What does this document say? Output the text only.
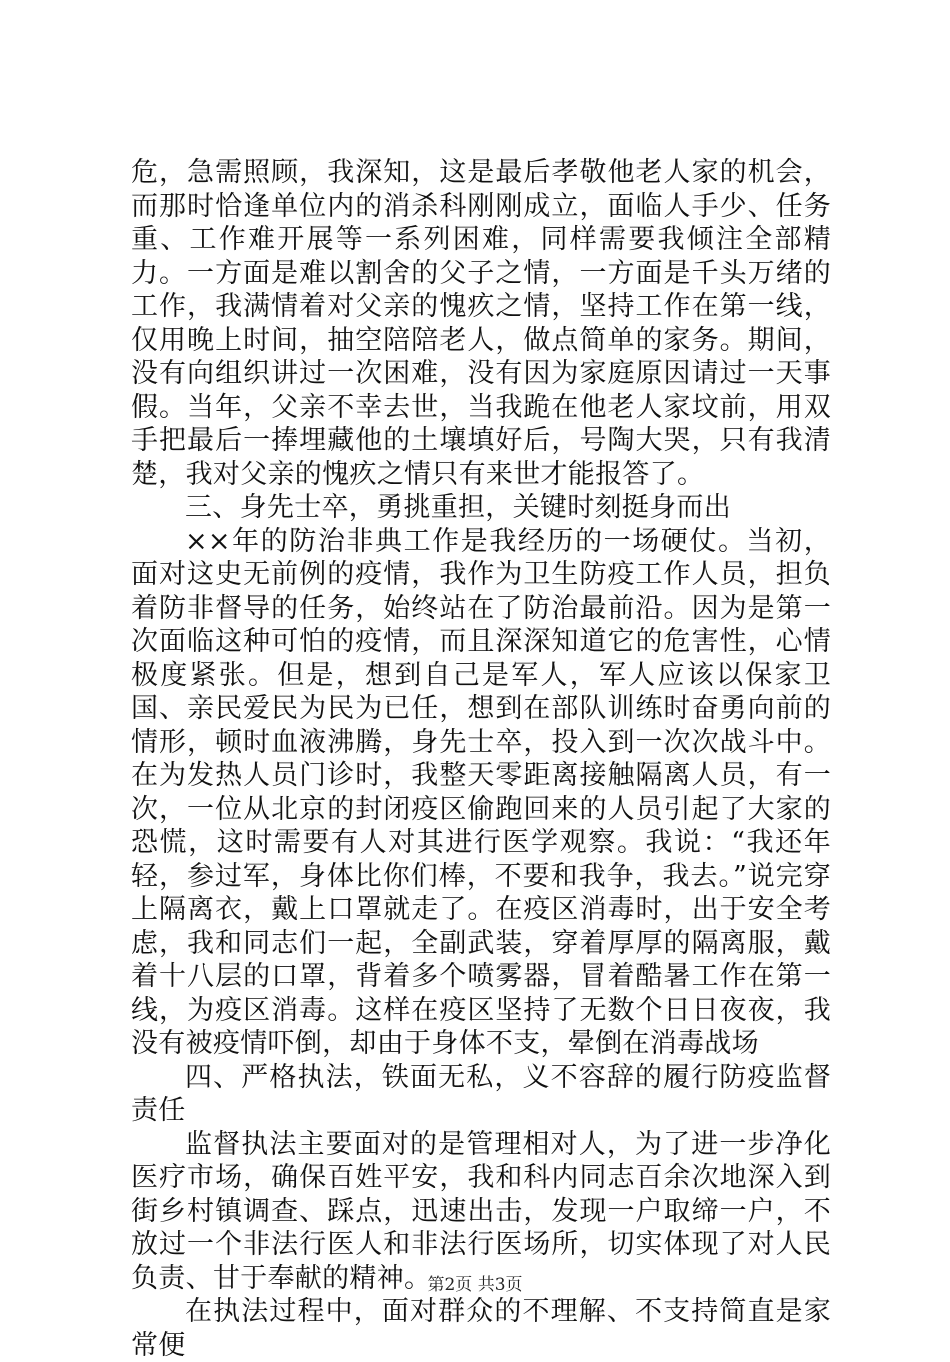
危，急需照顾，我深知，这是最后孝敬他老人家的机会，而那时恰逢单位内的消杀科刚刚成立，面临人手少、任务重、工作难开展等一系列困难，同样需要我倾注全部精力。一方面是难以割舍的父子之情，一方面是千头万绪的工作，我满情着对父亲的愧疚之情，坚持工作在第一线，仅用晚上时间，抽空陪陪老人，做点简单的家务。期间，没有向组织讲过一次困难，没有因为家庭原因请过一天事假。当年，父亲不幸去世，当我跪在他老人家坟前，用双手把最后一捧埋藏他的土壤填好后，号陶大哭，只有我清楚，我对父亲的愧疚之情只有来世才能报答了。

三、身先士卒，勇挑重担，关键时刻挺身而出

××年的防治非典工作是我经历的一场硬仗。当初，面对这史无前例的疫情，我作为卫生防疫工作人员，担负着防非督导的任务，始终站在了防治最前沿。因为是第一次面临这种可怕的疫情，而且深深知道它的危害性，心情极度紧张。但是，想到自己是军人，军人应该以保家卫国、亲民爱民为民为已任，想到在部队训练时奋勇向前的情形，顿时血液沸腾，身先士卒，投入到一次次战斗中。在为发热人员门诊时，我整天零距离接触隔离人员，有一次，一位从北京的封闭疫区偷跑回来的人员引起了大家的恐慌，这时需要有人对其进行医学观察。我说：“我还年轻，参过军，身体比你们棒，不要和我争，我去。”说完穿上隔离衣，戴上口罩就走了。在疫区消毒时，出于安全考虑，我和同志们一起，全副武装，穿着厚厚的隔离服，戴着十八层的口罩，背着多个喷雾器，冒着酷暑工作在第一线，为疫区消毒。这样在疫区坚持了无数个日日夜夜，我没有被疫情吓倒，却由于身体不支，晕倒在消毒战场

四、严格执法，铁面无私，义不容辞的履行防疫监督责任

监督执法主要面对的是管理相对人，为了进一步净化医疗市场，确保百姓平安，我和科内同志百余次地深入到街乡村镇调查、踩点，迅速出击，发现一户取缔一户，不放过一个非法行医人和非法行医场所，切实体现了对人民负责、甘于奉献的精神。

在执法过程中，面对群众的不理解、不支持简直是家常便

第2页 共3页
